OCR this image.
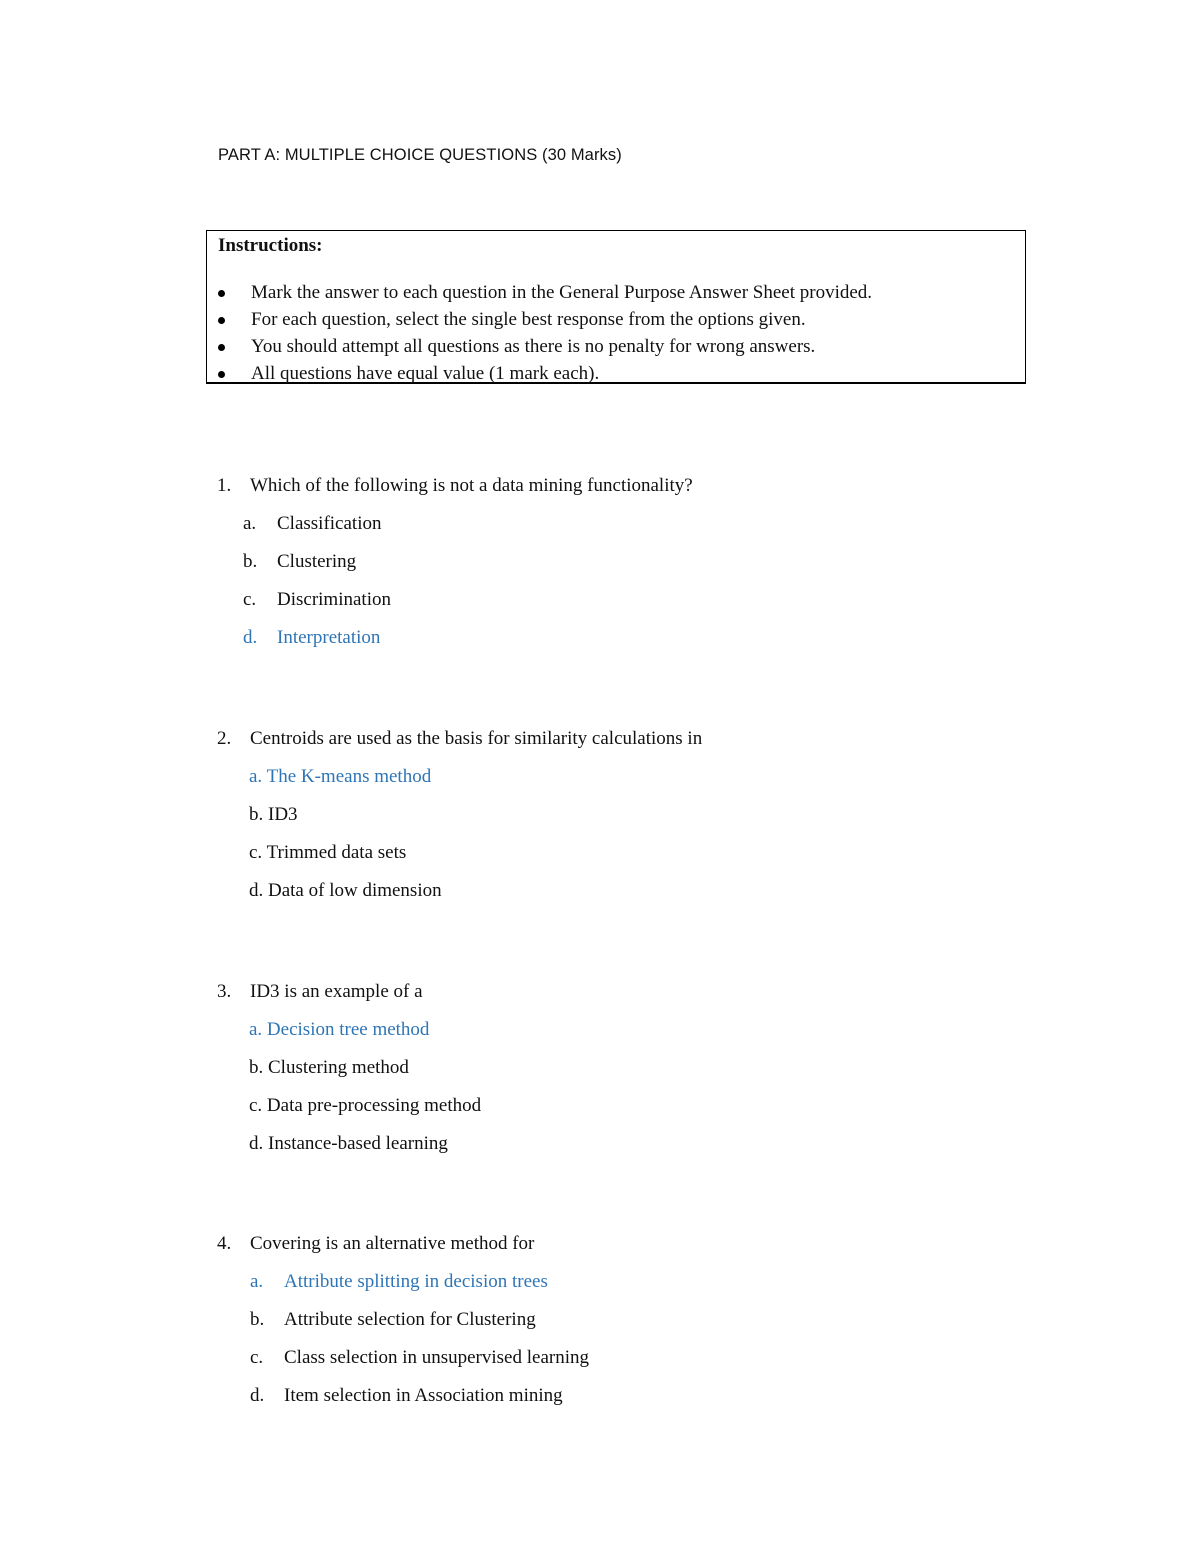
PART A: MULTIPLE CHOICE QUESTIONS (30 Marks)
Instructions:
Mark the answer to each question in the General Purpose Answer Sheet provided.
For each question, select the single best response from the options given.
You should attempt all questions as there is no penalty for wrong answers.
All questions have equal value (1 mark each).
1. Which of the following is not a data mining functionality?
a. Classification
b. Clustering
c. Discrimination
d. Interpretation
2. Centroids are used as the basis for similarity calculations in
a. The K-means method
b. ID3
c. Trimmed data sets
d. Data of low dimension
3. ID3 is an example of a
a. Decision tree method
b. Clustering method
c. Data pre-processing method
d. Instance-based learning
4. Covering is an alternative method for
a. Attribute splitting in decision trees
b. Attribute selection for Clustering
c. Class selection in unsupervised learning
d. Item selection in Association mining
